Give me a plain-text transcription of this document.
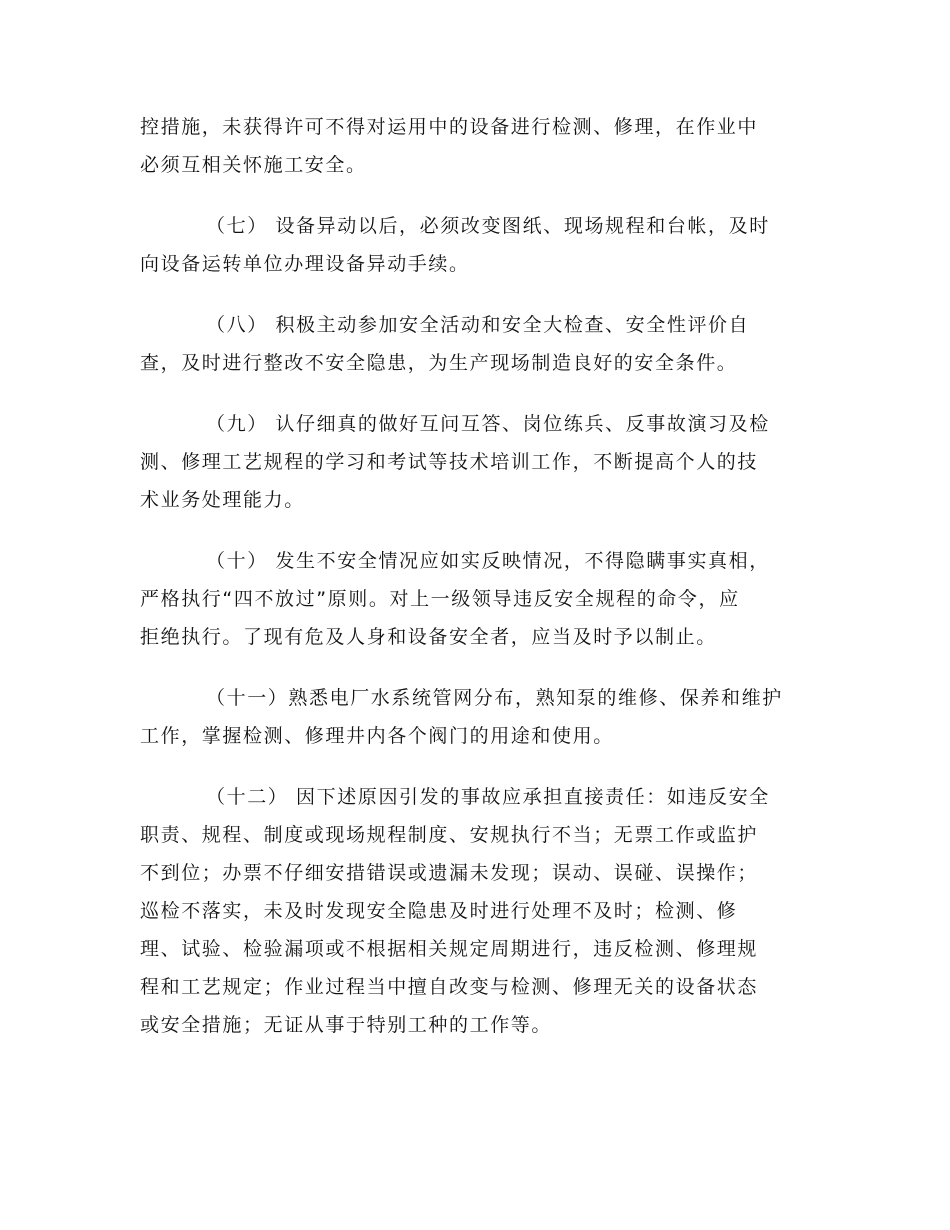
控措施，未获得许可不得对运用中的设备进行检测、修理，在作业中
必须互相关怀施工安全。

（七） 设备异动以后，必须改变图纸、现场规程和台帐，及时
向设备运转单位办理设备异动手续。

（八） 积极主动参加安全活动和安全大检查、安全性评价自
查，及时进行整改不安全隐患，为生产现场制造良好的安全条件。

（九） 认仔细真的做好互问互答、岗位练兵、反事故演习及检
测、修理工艺规程的学习和考试等技术培训工作，不断提高个人的技
术业务处理能力。

（十） 发生不安全情况应如实反映情况，不得隐瞒事实真相，
严格执行“四不放过”原则。对上一级领导违反安全规程的命令，应
拒绝执行。了现有危及人身和设备安全者，应当及时予以制止。

（十一）熟悉电厂水系统管网分布，熟知泵的维修、保养和维护
工作，掌握检测、修理井内各个阀门的用途和使用。

（十二） 因下述原因引发的事故应承担直接责任：如违反安全
职责、规程、制度或现场规程制度、安规执行不当；无票工作或监护
不到位；办票不仔细安措错误或遗漏未发现；误动、误碰、误操作；
巡检不落实，未及时发现安全隐患及时进行处理不及时；检测、修
理、试验、检验漏项或不根据相关规定周期进行，违反检测、修理规
程和工艺规定；作业过程当中擅自改变与检测、修理无关的设备状态
或安全措施；无证从事于特别工种的工作等。
